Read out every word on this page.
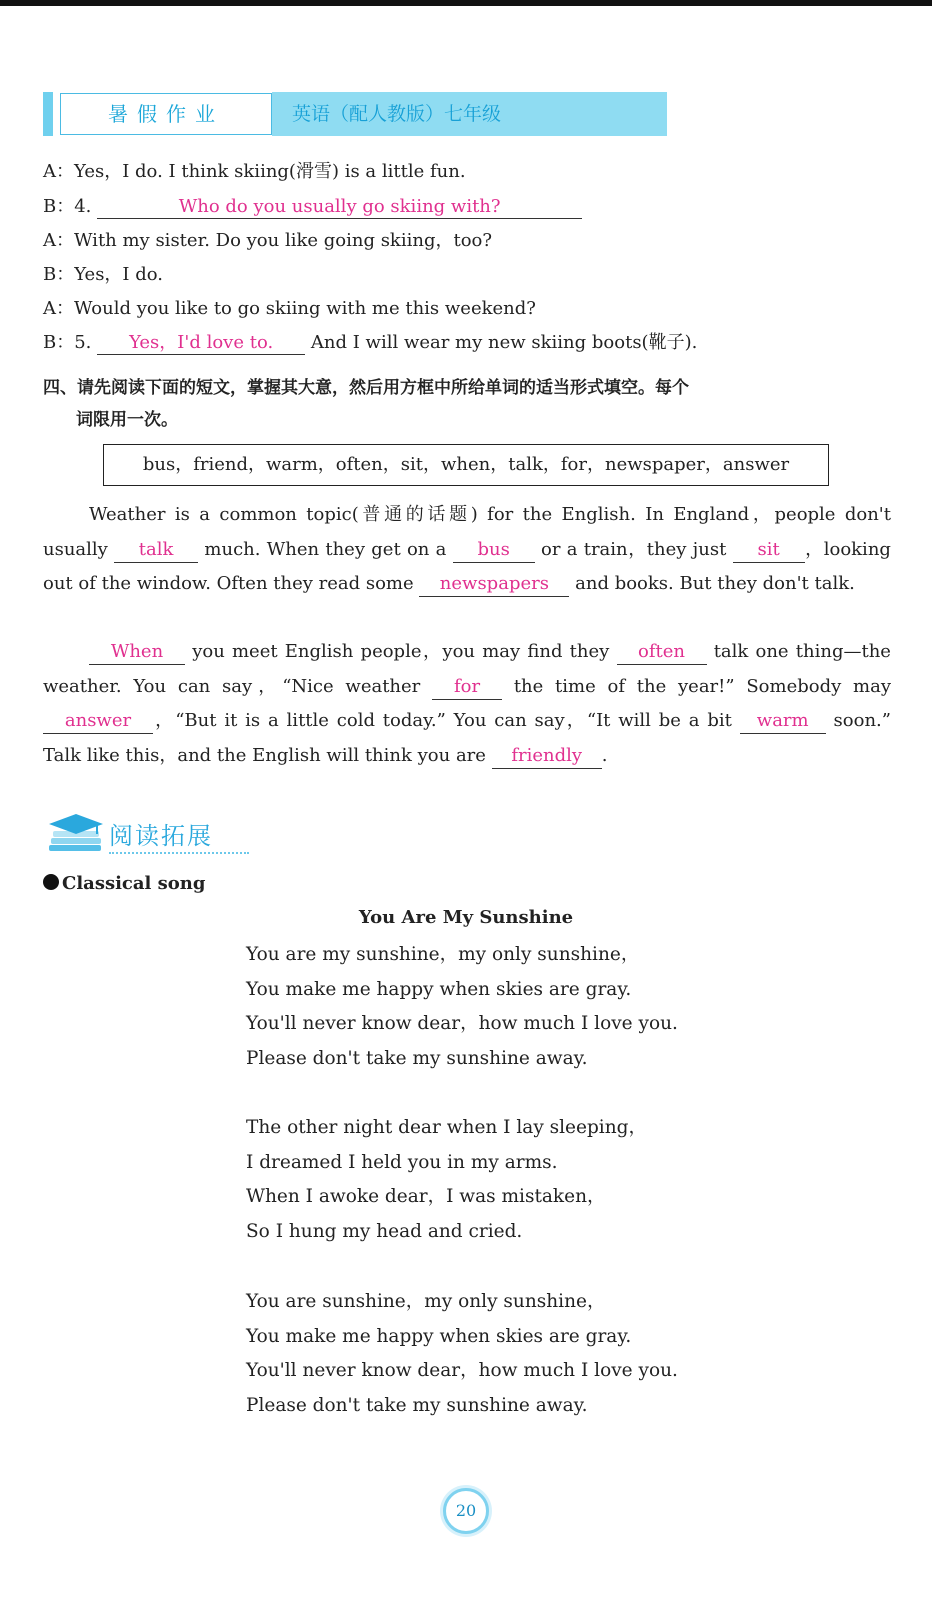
暑假作业	英语（配人教版）七年级
A：Yes，I do. I think skiing(滑雪) is a little fun.
B：4.	Who do you usually go skiing with?
A：With my sister. Do you like going skiing，too?
B：Yes，I do.
A：Would you like to go skiing with me this weekend?
B：5. Yes，I'd love to. And I will wear my new skiing boots(靴子).
四、请先阅读下面的短文，掌握其大意，然后用方框中所给单词的适当形式填空。每个
词限用一次。
bus，friend，warm，often，sit，when，talk，for，newspaper，answer
Weather is a common topic(普通的话题) for the English. In England，people don't usually talk much. When they get on a bus or a train，they just sit ，looking out of the window. Often they read some newspapers and books. But they don't talk.
When you meet English people，you may find they often talk one thing—the weather. You can say，“Nice weather for the time of the year!” Somebody may answer ，“But it is a little cold today.” You can say，“It will be a bit warm soon.” Talk like this，and the English will think you are friendly .
阅读拓展
Classical song
You Are My Sunshine
You are my sunshine，my only sunshine，
You make me happy when skies are gray.
You'll never know dear，how much I love you.
Please don't take my sunshine away.
The other night dear when I lay sleeping，
I dreamed I held you in my arms.
When I awoke dear，I was mistaken，
So I hung my head and cried.
You are sunshine，my only sunshine，
You make me happy when skies are gray.
You'll never know dear，how much I love you.
Please don't take my sunshine away.
20
